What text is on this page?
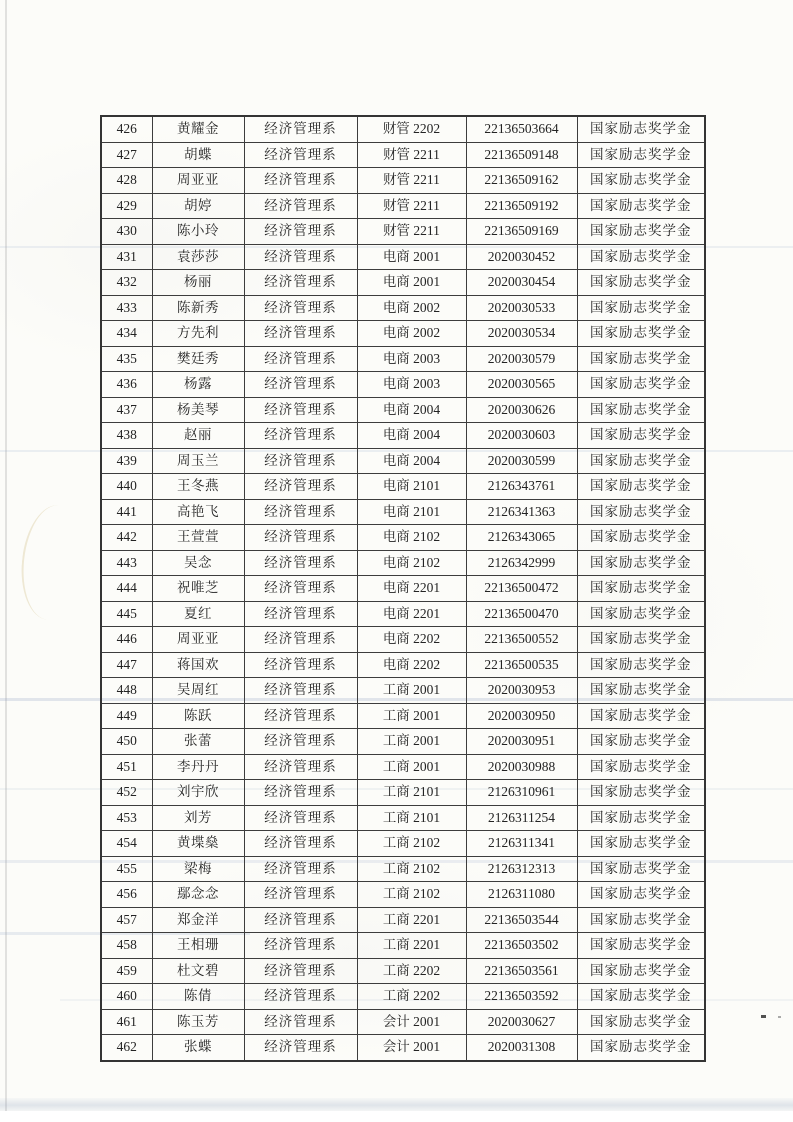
426	黄耀金	经济管理系	财管 2202	22136503664	国家励志奖学金
427	胡蝶	经济管理系	财管 2211	22136509148	国家励志奖学金
428	周亚亚	经济管理系	财管 2211	22136509162	国家励志奖学金
429	胡婷	经济管理系	财管 2211	22136509192	国家励志奖学金
430	陈小玲	经济管理系	财管 2211	22136509169	国家励志奖学金
431	袁莎莎	经济管理系	电商 2001	2020030452	国家励志奖学金
432	杨丽	经济管理系	电商 2001	2020030454	国家励志奖学金
433	陈新秀	经济管理系	电商 2002	2020030533	国家励志奖学金
434	方先利	经济管理系	电商 2002	2020030534	国家励志奖学金
435	樊廷秀	经济管理系	电商 2003	2020030579	国家励志奖学金
436	杨露	经济管理系	电商 2003	2020030565	国家励志奖学金
437	杨美琴	经济管理系	电商 2004	2020030626	国家励志奖学金
438	赵丽	经济管理系	电商 2004	2020030603	国家励志奖学金
439	周玉兰	经济管理系	电商 2004	2020030599	国家励志奖学金
440	王冬燕	经济管理系	电商 2101	2126343761	国家励志奖学金
441	高艳飞	经济管理系	电商 2101	2126341363	国家励志奖学金
442	王萱萱	经济管理系	电商 2102	2126343065	国家励志奖学金
443	吴念	经济管理系	电商 2102	2126342999	国家励志奖学金
444	祝唯芝	经济管理系	电商 2201	22136500472	国家励志奖学金
445	夏红	经济管理系	电商 2201	22136500470	国家励志奖学金
446	周亚亚	经济管理系	电商 2202	22136500552	国家励志奖学金
447	蒋国欢	经济管理系	电商 2202	22136500535	国家励志奖学金
448	吴周红	经济管理系	工商 2001	2020030953	国家励志奖学金
449	陈跃	经济管理系	工商 2001	2020030950	国家励志奖学金
450	张蕾	经济管理系	工商 2001	2020030951	国家励志奖学金
451	李丹丹	经济管理系	工商 2001	2020030988	国家励志奖学金
452	刘宇欣	经济管理系	工商 2101	2126310961	国家励志奖学金
453	刘芳	经济管理系	工商 2101	2126311254	国家励志奖学金
454	黄堞燊	经济管理系	工商 2102	2126311341	国家励志奖学金
455	梁梅	经济管理系	工商 2102	2126312313	国家励志奖学金
456	鄢念念	经济管理系	工商 2102	2126311080	国家励志奖学金
457	郑金洋	经济管理系	工商 2201	22136503544	国家励志奖学金
458	王相珊	经济管理系	工商 2201	22136503502	国家励志奖学金
459	杜文碧	经济管理系	工商 2202	22136503561	国家励志奖学金
460	陈倩	经济管理系	工商 2202	22136503592	国家励志奖学金
461	陈玉芳	经济管理系	会计 2001	2020030627	国家励志奖学金
462	张蝶	经济管理系	会计 2001	2020031308	国家励志奖学金
